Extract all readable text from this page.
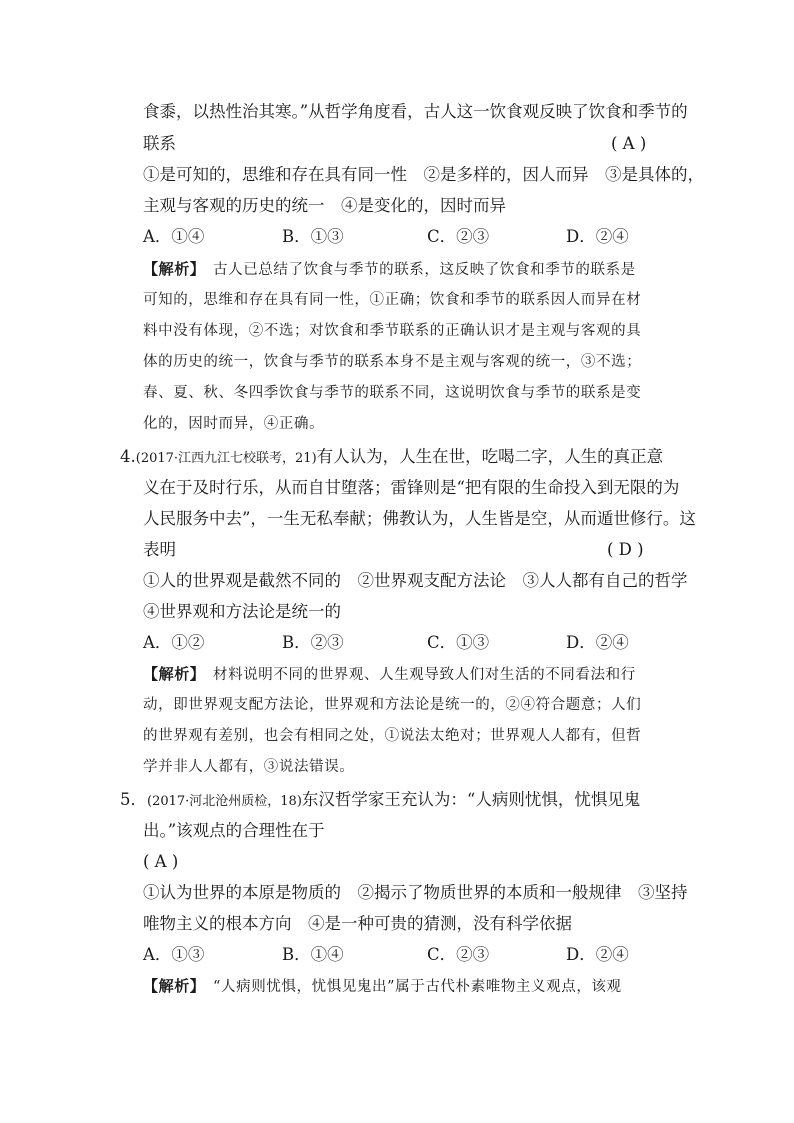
食黍，以热性治其寒。”从哲学角度看，古人这一饮食观反映了饮食和季节的
联系	( A )
①是可知的，思维和存在具有同一性　②是多样的，因人而异　③是具体的，
主观与客观的历史的统一　④是变化的，因时而异
A．①④	B．①③	C．②③	D．②④
【解析】　古人已总结了饮食与季节的联系，这反映了饮食和季节的联系是
可知的，思维和存在具有同一性，①正确；饮食和季节的联系因人而异在材
料中没有体现，②不选；对饮食和季节联系的正确认识才是主观与客观的具
体的历史的统一，饮食与季节的联系本身不是主观与客观的统一，③不选；
春、夏、秋、冬四季饮食与季节的联系不同，这说明饮食与季节的联系是变
化的，因时而异，④正确。
4.(2017·江西九江七校联考，21)有人认为，人生在世，吃喝二字，人生的真正意
义在于及时行乐，从而自甘堕落；雷锋则是“把有限的生命投入到无限的为
人民服务中去”，一生无私奉献；佛教认为，人生皆是空，从而遁世修行。这
表明	( D )
①人的世界观是截然不同的　②世界观支配方法论　③人人都有自己的哲学
④世界观和方法论是统一的
A．①②	B．②③	C．①③	D．②④
【解析】　材料说明不同的世界观、人生观导致人们对生活的不同看法和行
动，即世界观支配方法论，世界观和方法论是统一的，②④符合题意；人们
的世界观有差别，也会有相同之处，①说法太绝对；世界观人人都有，但哲
学并非人人都有，③说法错误。
5．(2017·河北沧州质检，18)东汉哲学家王充认为：“人病则忧惧，忧惧见鬼
出。”该观点的合理性在于
( A )
①认为世界的本原是物质的　②揭示了物质世界的本质和一般规律　③坚持
唯物主义的根本方向　④是一种可贵的猜测，没有科学依据
A．①③	B．①④	C．②③	D．②④
【解析】　“人病则忧惧，忧惧见鬼出”属于古代朴素唯物主义观点，该观
